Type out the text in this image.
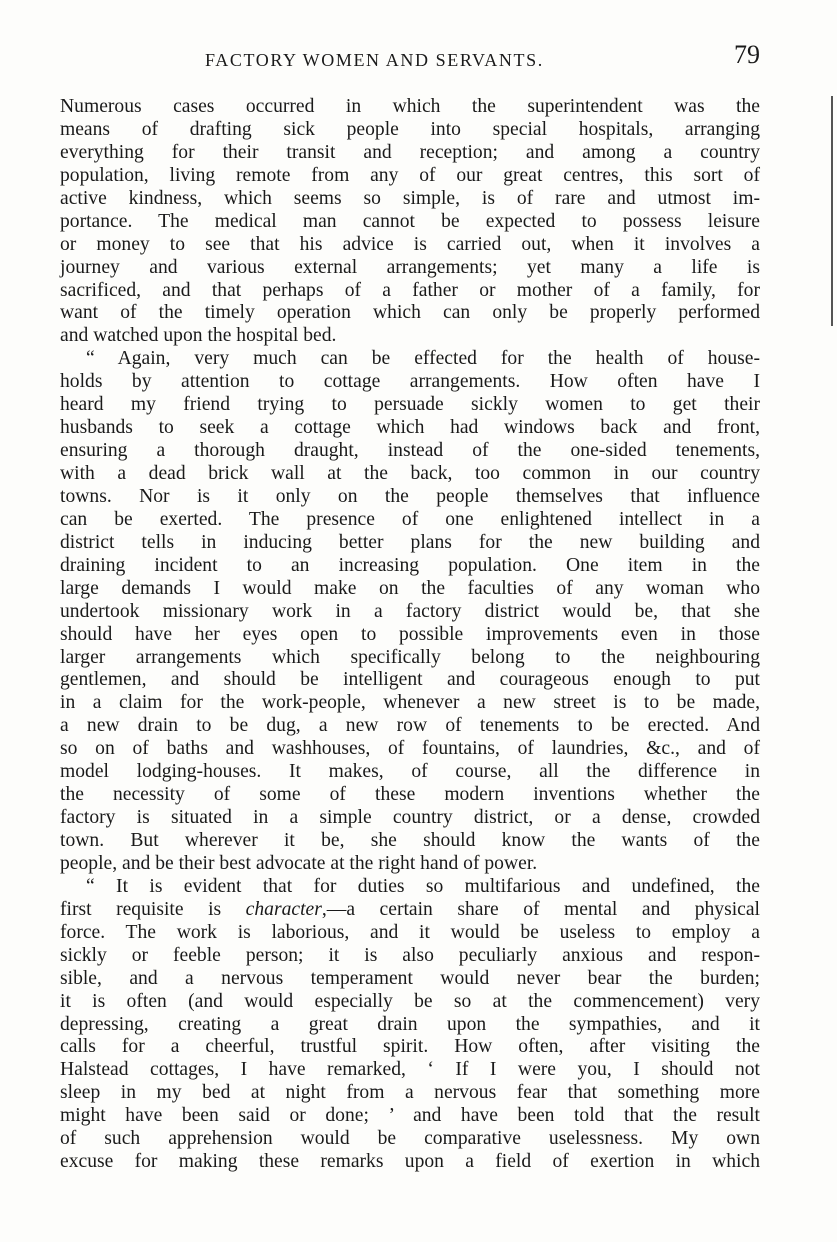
FACTORY WOMEN AND SERVANTS.	79
Numerous cases occurred in which the superintendent was the
means of drafting sick people into special hospitals, arranging
everything for their transit and reception; and among a country
population, living remote from any of our great centres, this sort of
active kindness, which seems so simple, is of rare and utmost im-
portance. The medical man cannot be expected to possess leisure
or money to see that his advice is carried out, when it involves a
journey and various external arrangements; yet many a life is
sacrificed, and that perhaps of a father or mother of a family, for
want of the timely operation which can only be properly performed
and watched upon the hospital bed.
“ Again, very much can be effected for the health of house-
holds by attention to cottage arrangements. How often have I
heard my friend trying to persuade sickly women to get their
husbands to seek a cottage which had windows back and front,
ensuring a thorough draught, instead of the one-sided tenements,
with a dead brick wall at the back, too common in our country
towns. Nor is it only on the people themselves that influence
can be exerted. The presence of one enlightened intellect in a
district tells in inducing better plans for the new building and
draining incident to an increasing population. One item in the
large demands I would make on the faculties of any woman who
undertook missionary work in a factory district would be, that she
should have her eyes open to possible improvements even in those
larger arrangements which specifically belong to the neighbouring
gentlemen, and should be intelligent and courageous enough to put
in a claim for the work-people, whenever a new street is to be made,
a new drain to be dug, a new row of tenements to be erected. And
so on of baths and washhouses, of fountains, of laundries, &c., and of
model lodging-houses. It makes, of course, all the difference in
the necessity of some of these modern inventions whether the
factory is situated in a simple country district, or a dense, crowded
town. But wherever it be, she should know the wants of the
people, and be their best advocate at the right hand of power.
“ It is evident that for duties so multifarious and undefined, the
first requisite is character,—a certain share of mental and physical
force. The work is laborious, and it would be useless to employ a
sickly or feeble person; it is also peculiarly anxious and respon-
sible, and a nervous temperament would never bear the burden;
it is often (and would especially be so at the commencement) very
depressing, creating a great drain upon the sympathies, and it
calls for a cheerful, trustful spirit. How often, after visiting the
Halstead cottages, I have remarked, ‘ If I were you, I should not
sleep in my bed at night from a nervous fear that something more
might have been said or done; ’ and have been told that the result
of such apprehension would be comparative uselessness. My own
excuse for making these remarks upon a field of exertion in which
